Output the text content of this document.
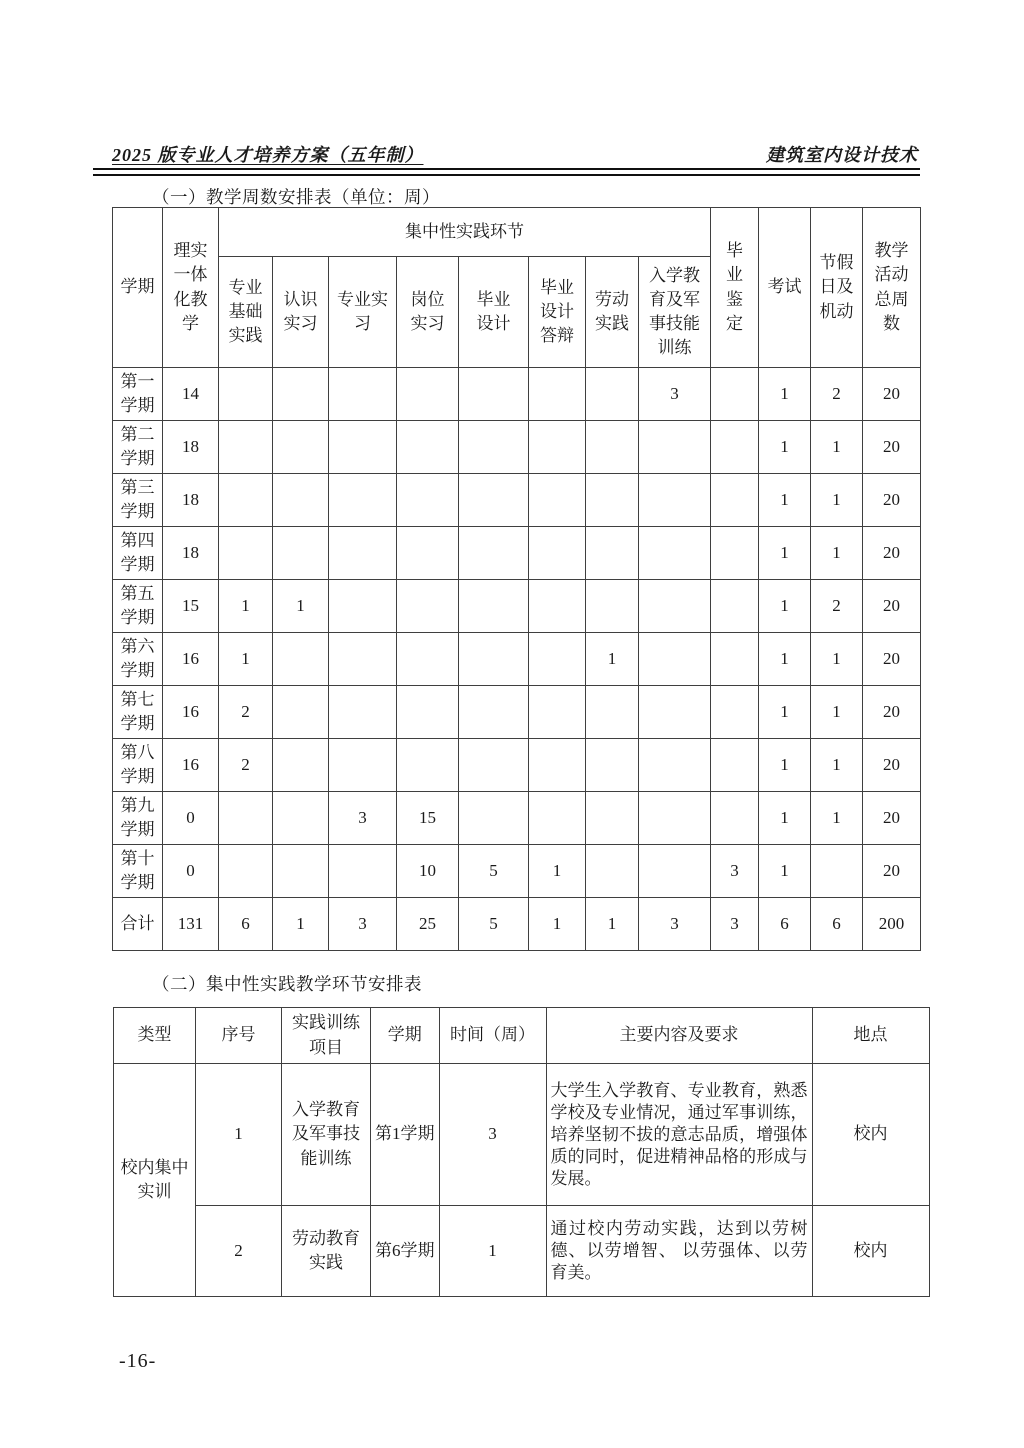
2025 版专业人才培养方案（五年制）	建筑室内设计技术
（一）教学周数安排表（单位：周）
学期	理实一体化教学	集中性实践环节								毕业鉴定	考试	节假日及机动	教学活动总周数
		专业基础实践	认识实习	专业实习	岗位实习	毕业设计	毕业设计答辩	劳动实践	入学教育及军事技能训练				
第一学期	14								3		1	2	20
第二学期	18										1	1	20
第三学期	18										1	1	20
第四学期	18										1	1	20
第五学期	15	1	1								1	2	20
第六学期	16	1						1			1	1	20
第七学期	16	2									1	1	20
第八学期	16	2									1	1	20
第九学期	0			3	15						1	1	20
第十学期	0				10	5	1			3	1		20
合计	131	6	1	3	25	5	1	1	3	3	6	6	200
（二）集中性实践教学环节安排表
类型	序号	实践训练项目	学期	时间（周）	主要内容及要求	地点
校内集中实训	1	入学教育及军事技能训练	第1学期	3	大学生入学教育、专业教育，熟悉学校及专业情况，通过军事训练，培养坚韧不拔的意志品质，增强体质的同时，促进精神品格的形成与发展。	校内
	2	劳动教育实践	第6学期	1	通过校内劳动实践，达到以劳树德、以劳增智、 以劳强体、以劳育美。	校内
-16-
